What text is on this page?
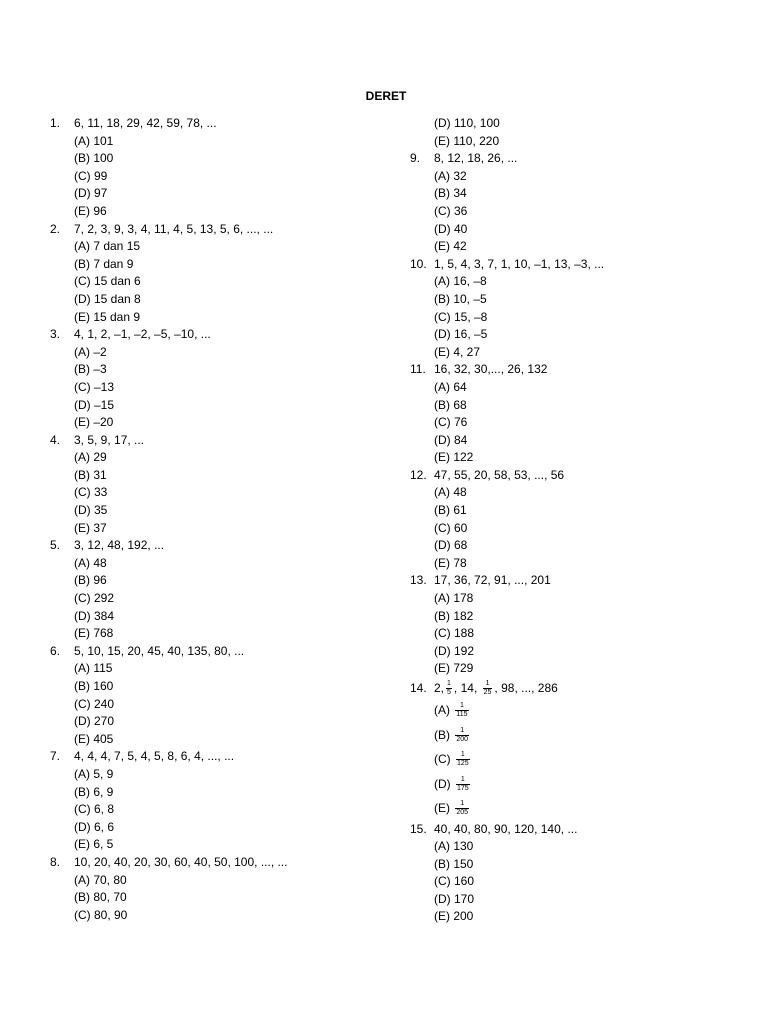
DERET
1. 6, 11, 18, 29, 42, 59, 78, ...
(A) 101
(B) 100
(C) 99
(D) 97
(E) 96
2. 7, 2, 3, 9, 3, 4, 11, 4, 5, 13, 5, 6, ..., ...
(A) 7 dan 15
(B) 7 dan 9
(C) 15 dan 6
(D) 15 dan 8
(E) 15 dan 9
3. 4, 1, 2, –1, –2, –5, –10, ...
(A) –2
(B) –3
(C) –13
(D) –15
(E) –20
4. 3, 5, 9, 17, ...
(A) 29
(B) 31
(C) 33
(D) 35
(E) 37
5. 3, 12, 48, 192, ...
(A) 48
(B) 96
(C) 292
(D) 384
(E) 768
6. 5, 10, 15, 20, 45, 40, 135, 80, ...
(A) 115
(B) 160
(C) 240
(D) 270
(E) 405
7. 4, 4, 4, 7, 5, 4, 5, 8, 6, 4, ..., ...
(A) 5, 9
(B) 6, 9
(C) 6, 8
(D) 6, 6
(E) 6, 5
8. 10, 20, 40, 20, 30, 60, 40, 50, 100, ..., ...
(A) 70, 80
(B) 80, 70
(C) 80, 90
(D) 110, 100
(E) 110, 220
9. 8, 12, 18, 26, ...
(A) 32
(B) 34
(C) 36
(D) 40
(E) 42
10. 1, 5, 4, 3, 7, 1, 10, –1, 13, –3, ...
(A) 16, –8
(B) 10, –5
(C) 15, –8
(D) 16, –5
(E) 4, 27
11. 16, 32, 30,..., 26, 132
(A) 64
(B) 68
(C) 76
(D) 84
(E) 122
12. 47, 55, 20, 58, 53, ..., 56
(A) 48
(B) 61
(C) 60
(D) 68
(E) 78
13. 17, 36, 72, 91, ..., 201
(A) 178
(B) 182
(C) 188
(D) 192
(E) 729
14. 2, $\frac{1}{5}$ , 14, $\frac{1}{25}$ , 98, ..., 286
$(A) \frac{1}{115}$
$(B) \frac{1}{200}$
$(C) \frac{1}{125}$
$(D) \frac{1}{175}$
$(E) \frac{1}{205}$
15. 40, 40, 80, 90, 120, 140, ...
(A) 130
(B) 150
(C) 160
(D) 170
(E) 200
